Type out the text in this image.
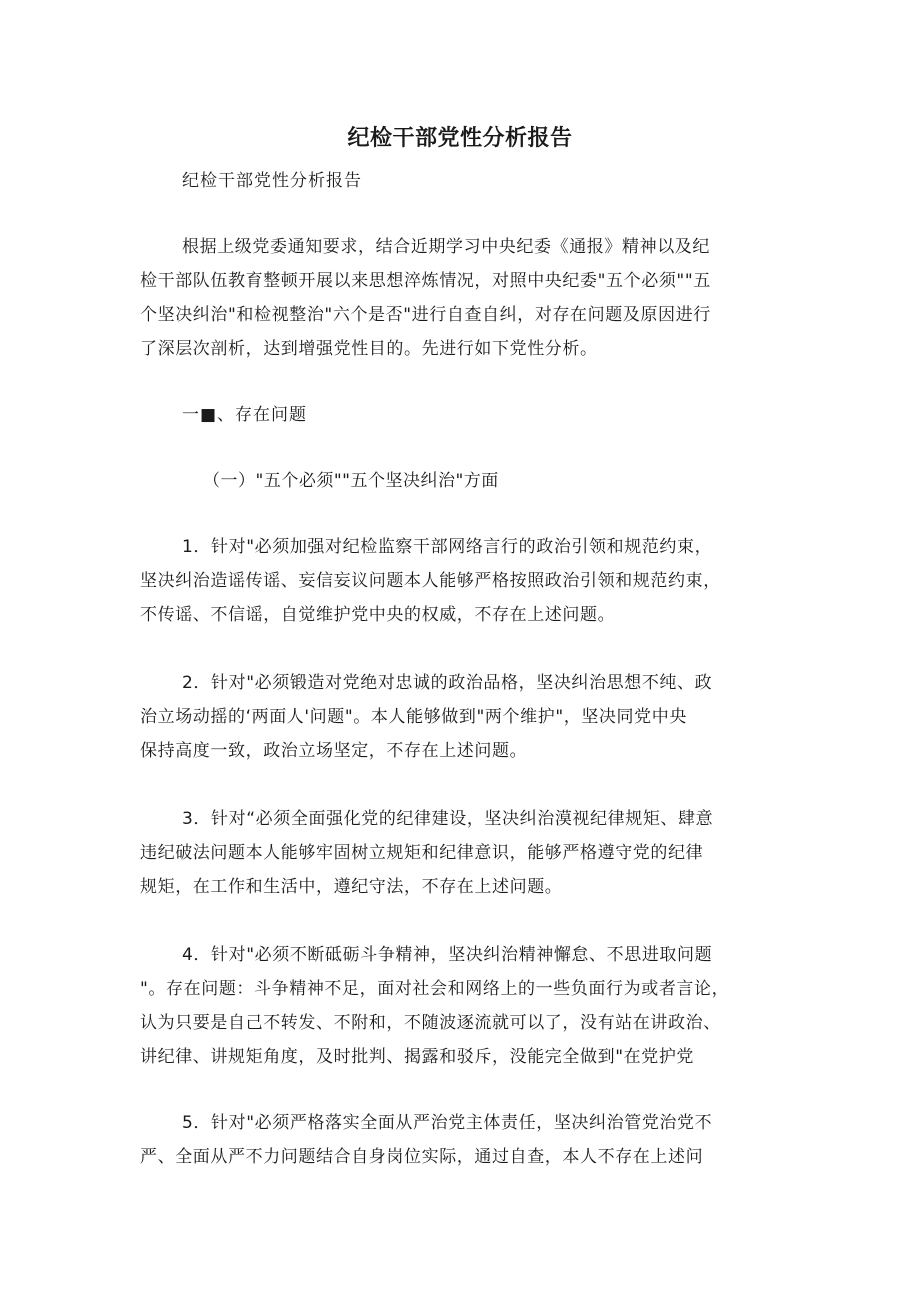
纪检干部党性分析报告

纪检干部党性分析报告

根据上级党委通知要求，结合近期学习中央纪委《通报》精神以及纪
检干部队伍教育整顿开展以来思想淬炼情况，对照中央纪委"五个必须""五
个坚决纠治"和检视整治"六个是否"进行自查自纠，对存在问题及原因进行
了深层次剖析，达到增强党性目的。先进行如下党性分析。

一■、存在问题

（一）"五个必须""五个坚决纠治"方面

1．针对"必须加强对纪检监察干部网络言行的政治引领和规范约束，
坚决纠治造谣传谣、妄信妄议问题本人能够严格按照政治引领和规范约束，
不传谣、不信谣，自觉维护党中央的权威，不存在上述问题。
2．针对"必须锻造对党绝对忠诚的政治品格，坚决纠治思想不纯、政
治立场动摇的‘两面人'问题"。本人能够做到"两个维护"，坚决同党中央
保持高度一致，政治立场坚定，不存在上述问题。
3．针对“必须全面强化党的纪律建设，坚决纠治漠视纪律规矩、肆意
违纪破法问题本人能够牢固树立规矩和纪律意识，能够严格遵守党的纪律
规矩，在工作和生活中，遵纪守法，不存在上述问题。
4．针对"必须不断砥砺斗争精神，坚决纠治精神懈怠、不思进取问题
"。存在问题：斗争精神不足，面对社会和网络上的一些负面行为或者言论，
认为只要是自己不转发、不附和，不随波逐流就可以了，没有站在讲政治、
讲纪律、讲规矩角度，及时批判、揭露和驳斥，没能完全做到"在党护党
5．针对"必须严格落实全面从严治党主体责任，坚决纠治管党治党不
严、全面从严不力问题结合自身岗位实际，通过自查，本人不存在上述问
